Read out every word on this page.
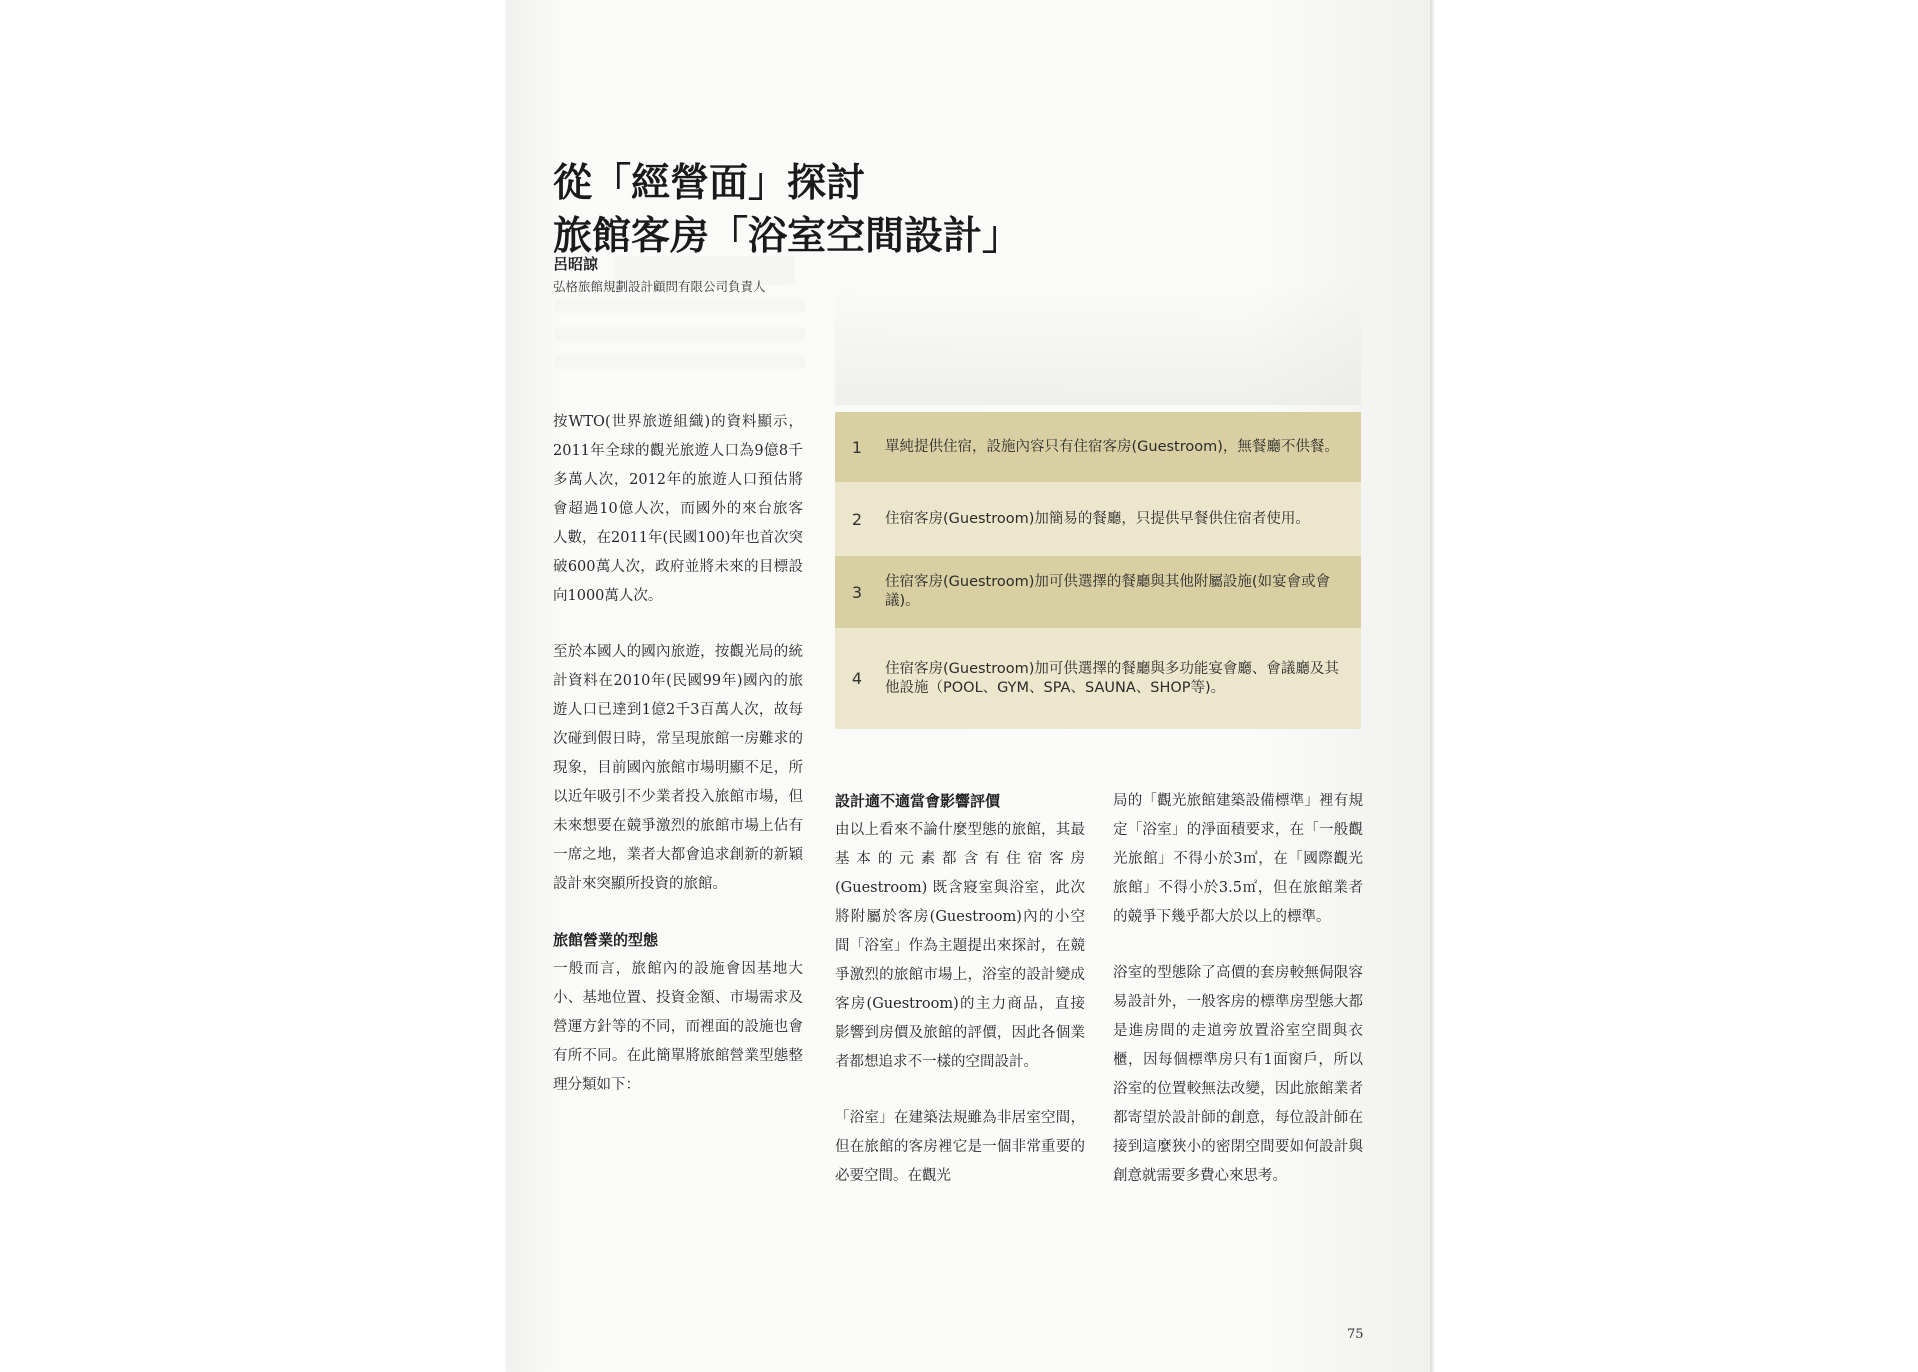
從「經營面」探討
旅館客房「浴室空間設計」
呂昭諒
弘格旅館規劃設計顧問有限公司負責人

按WTO(世界旅遊組織)的資料顯示，2011年全球的觀光旅遊人口為9億8千多萬人次，2012年的旅遊人口預估將會超過10億人次，而國外的來台旅客人數，在2011年(民國100)年也首次突破600萬人次，政府並將未來的目標設向1000萬人次。

至於本國人的國內旅遊，按觀光局的統計資料在2010年(民國99年)國內的旅遊人口已達到1億2千3百萬人次，故每次碰到假日時，常呈現旅館一房難求的現象，目前國內旅館市場明顯不足，所以近年吸引不少業者投入旅館市場，但未來想要在競爭激烈的旅館市場上佔有一席之地，業者大都會追求創新的新穎設計來突顯所投資的旅館。

旅館營業的型態

一般而言，旅館內的設施會因基地大小、基地位置、投資金額、市場需求及營運方針等的不同，而裡面的設施也會有所不同。在此簡單將旅館營業型態整理分類如下：

1	單純提供住宿，設施內容只有住宿客房(Guestroom)，無餐廳不供餐。
2	住宿客房(Guestroom)加簡易的餐廳，只提供早餐供住宿者使用。
3
住宿客房(Guestroom)加可供選擇的餐廳與其他附屬設施(如宴會或會議)。
4
住宿客房(Guestroom)加可供選擇的餐廳與多功能宴會廳、會議廳及其他設施（POOL、GYM、SPA、SAUNA、SHOP等)。
設計適不適當會影響評價

由以上看來不論什麼型態的旅館，其最基本的元素都含有住宿客房(Guestroom) 既含寢室與浴室，此次將附屬於客房(Guestroom)內的小空間「浴室」作為主題提出來探討，在競爭激烈的旅館市場上，浴室的設計變成客房(Guestroom)的主力商品，直接影響到房價及旅館的評價，因此各個業者都想追求不一樣的空間設計。

「浴室」在建築法規雖為非居室空間，但在旅館的客房裡它是一個非常重要的必要空間。在觀光

局的「觀光旅館建築設備標準」裡有規定「浴室」的淨面積要求，在「一般觀光旅館」不得小於3㎡，在「國際觀光旅館」不得小於3.5㎡，但在旅館業者的競爭下幾乎都大於以上的標準。

浴室的型態除了高價的套房較無侷限容易設計外，一般客房的標準房型態大都是進房間的走道旁放置浴室空間與衣櫃，因每個標準房只有1面窗戶，所以浴室的位置較無法改變，因此旅館業者都寄望於設計師的創意，每位設計師在接到這麼狹小的密閉空間要如何設計與創意就需要多費心來思考。

75
